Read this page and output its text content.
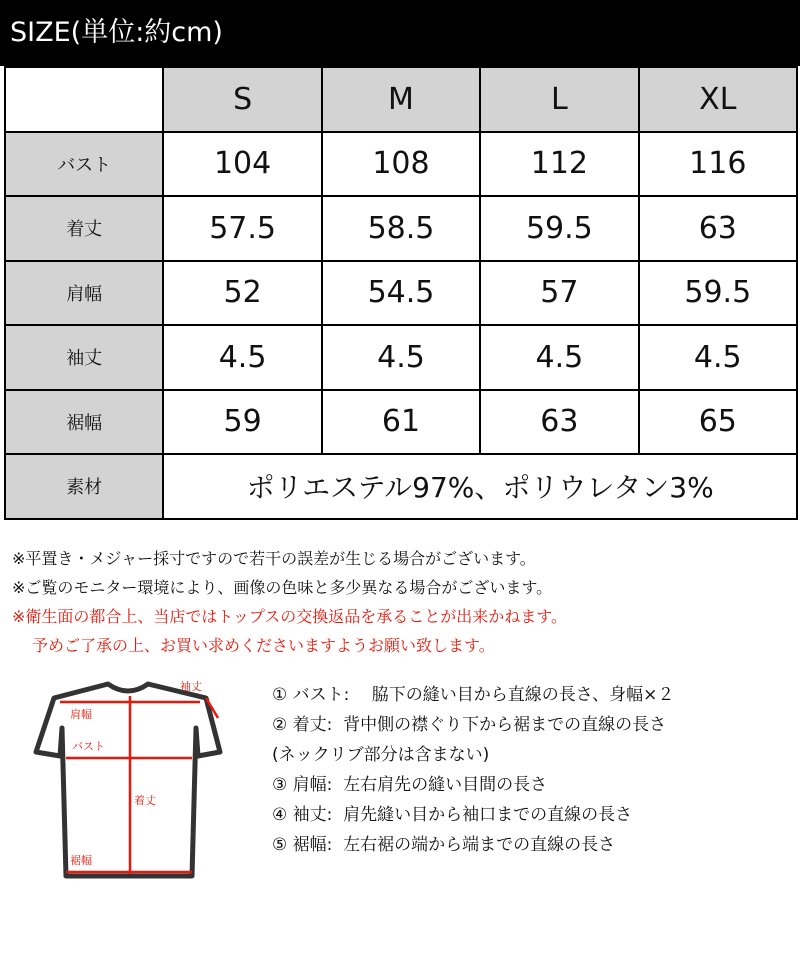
SIZE(単位:約cm)
	S	M	L	XL
バスト	104	108	112	116
着丈	57.5	58.5	59.5	63
肩幅	52	54.5	57	59.5
袖丈	4.5	4.5	4.5	4.5
裾幅	59	61	63	65
素材	ポリエステル97%、ポリウレタン3%			
※平置き・メジャー採寸ですので若干の誤差が生じる場合がございます。
※ご覧のモニター環境により、画像の色味と多少異なる場合がございます。
※衛生面の都合上、当店ではトップスの交換返品を承ることが出来かねます。
予めご了承の上、お買い求めくださいますようお願い致します。
袖丈
肩幅
バスト
着丈
裾幅
① バスト:　 脇下の縫い目から直線の長さ、身幅×２
② 着丈:  背中側の襟ぐり下から裾までの直線の長さ
(ネックリブ部分は含まない)
③ 肩幅:  左右肩先の縫い目間の長さ
④ 袖丈:  肩先縫い目から袖口までの直線の長さ
⑤ 裾幅:  左右裾の端から端までの直線の長さ
